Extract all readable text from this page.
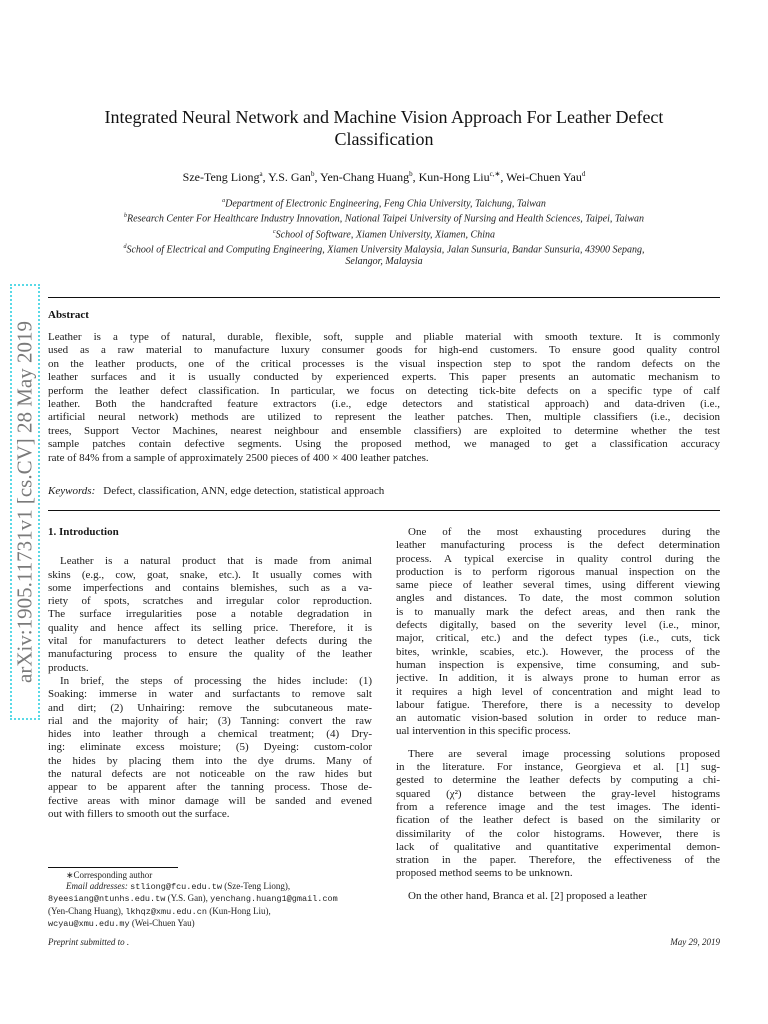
arXiv:1905.11731v1 [cs.CV] 28 May 2019
Integrated Neural Network and Machine Vision Approach For Leather Defect
Classification
Sze-Teng Liong$^a$, Y.S. Gan$^b$, Yen-Chang Huang$^b$, Kun-Hong Liu$^{c,∗}$, Wei-Chuen Yau$^d$
$^a$Department of Electronic Engineering, Feng Chia University, Taichung, Taiwan
$^b$Research Center For Healthcare Industry Innovation, National Taipei University of Nursing and Health Sciences, Taipei, Taiwan
$^c$School of Software, Xiamen University, Xiamen, China
$^d$School of Electrical and Computing Engineering, Xiamen University Malaysia, Jalan Sunsuria, Bandar Sunsuria, 43900 Sepang,
Selangor, Malaysia
Abstract
Leather is a type of natural, durable, flexible, soft, supple and pliable material with smooth texture. It is commonly
used as a raw material to manufacture luxury consumer goods for high-end customers. To ensure good quality control
on the leather products, one of the critical processes is the visual inspection step to spot the random defects on the
leather surfaces and it is usually conducted by experienced experts. This paper presents an automatic mechanism to
perform the leather defect classification. In particular, we focus on detecting tick-bite defects on a specific type of calf
leather. Both the handcrafted feature extractors (i.e., edge detectors and statistical approach) and data-driven (i.e.,
artificial neural network) methods are utilized to represent the leather patches. Then, multiple classifiers (i.e., decision
trees, Support Vector Machines, nearest neighbour and ensemble classifiers) are exploited to determine whether the test
sample patches contain defective segments. Using the proposed method, we managed to get a classification accuracy
rate of 84% from a sample of approximately 2500 pieces of 400 × 400 leather patches.
Keywords: Defect, classification, ANN, edge detection, statistical approach
1. Introduction
Leather is a natural product that is made from animal
skins (e.g., cow, goat, snake, etc.). It usually comes with
some imperfections and contains blemishes, such as a va-
riety of spots, scratches and irregular color reproduction.
The surface irregularities pose a notable degradation in
quality and hence affect its selling price. Therefore, it is
vital for manufacturers to detect leather defects during the
manufacturing process to ensure the quality of the leather
products.
In brief, the steps of processing the hides include: (1)
Soaking: immerse in water and surfactants to remove salt
and dirt; (2) Unhairing: remove the subcutaneous mate-
rial and the majority of hair; (3) Tanning: convert the raw
hides into leather through a chemical treatment; (4) Dry-
ing: eliminate excess moisture; (5) Dyeing: custom-color
the hides by placing them into the dye drums. Many of
the natural defects are not noticeable on the raw hides but
appear to be apparent after the tanning process. Those de-
fective areas with minor damage will be sanded and evened
out with fillers to smooth out the surface.
One of the most exhausting procedures during the
leather manufacturing process is the defect determination
process. A typical exercise in quality control during the
production is to perform rigorous manual inspection on the
same piece of leather several times, using different viewing
angles and distances. To date, the most common solution
is to manually mark the defect areas, and then rank the
defects digitally, based on the severity level (i.e., minor,
major, critical, etc.) and the defect types (i.e., cuts, tick
bites, wrinkle, scabies, etc.). However, the process of the
human inspection is expensive, time consuming, and sub-
jective. In addition, it is always prone to human error as
it requires a high level of concentration and might lead to
labour fatigue. Therefore, there is a necessity to develop
an automatic vision-based solution in order to reduce man-
ual intervention in this specific process.
There are several image processing solutions proposed
in the literature. For instance, Georgieva et al. [1] sug-
gested to determine the leather defects by computing a chi-
squared (χ²) distance between the gray-level histograms
from a reference image and the test images. The identi-
fication of the leather defect is based on the similarity or
dissimilarity of the color histograms. However, there is
lack of qualitative and quantitative experimental demon-
stration in the paper. Therefore, the effectiveness of the
proposed method seems to be unknown.
On the other hand, Branca et al. [2] proposed a leather
∗Corresponding author
Email addresses: stliong@fcu.edu.tw (Sze-Teng Liong),
8yeesiang@ntunhs.edu.tw (Y.S. Gan), yenchang.huang1@gmail.com
(Yen-Chang Huang), lkhqz@xmu.edu.cn (Kun-Hong Liu),
wcyau@xmu.edu.my (Wei-Chuen Yau)
Preprint submitted to .	May 29, 2019
